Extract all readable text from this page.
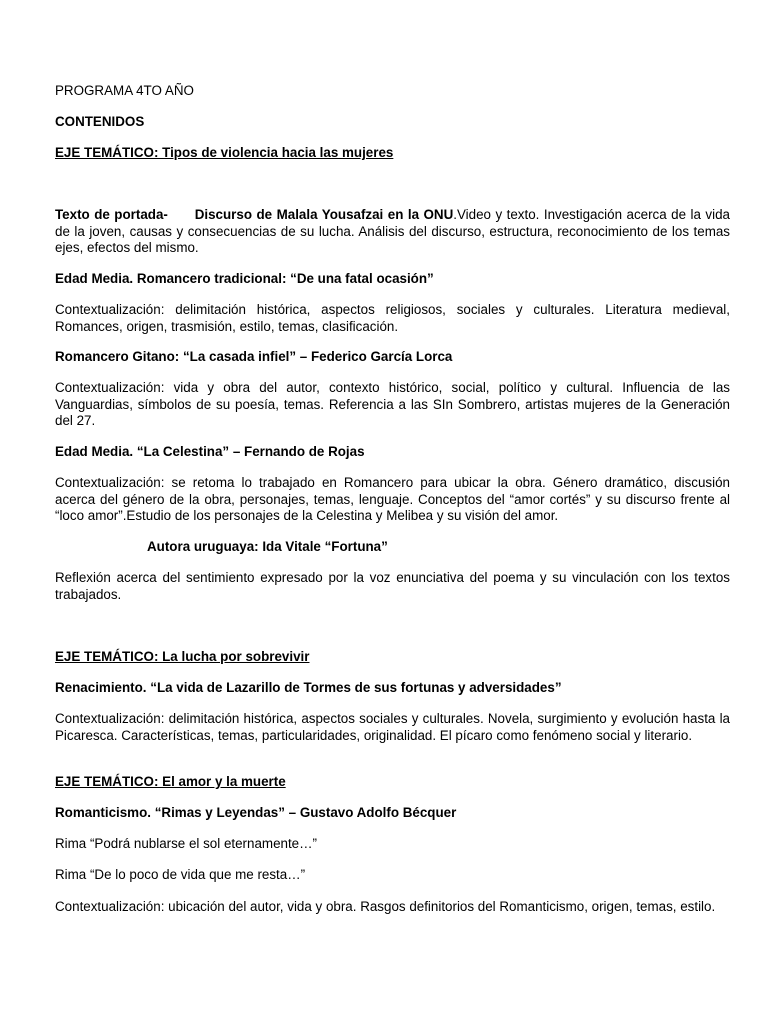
PROGRAMA 4TO AÑO

CONTENIDOS

EJE TEMÁTICO: Tipos de violencia hacia las mujeres

Texto de portada- Discurso de Malala Yousafzai en la ONU.Video y texto. Investigación acerca de la vida de la joven, causas y consecuencias de su lucha. Análisis del discurso, estructura, reconocimiento de los temas ejes, efectos del mismo.

Edad Media. Romancero tradicional: “De una fatal ocasión”

Contextualización: delimitación histórica, aspectos religiosos, sociales y culturales. Literatura medieval, Romances, origen, trasmisión, estilo, temas, clasificación.

Romancero Gitano: “La casada infiel” – Federico García Lorca

Contextualización: vida y obra del autor, contexto histórico, social, político y cultural. Influencia de las Vanguardias, símbolos de su poesía, temas. Referencia a las SIn Sombrero, artistas mujeres de la Generación del 27.

Edad Media. “La Celestina” – Fernando de Rojas

Contextualización: se retoma lo trabajado en Romancero para ubicar la obra. Género dramático, discusión acerca del género de la obra, personajes, temas, lenguaje. Conceptos del “amor cortés” y su discurso frente al “loco amor”.Estudio de los personajes de la Celestina y Melibea y su visión del amor.

Autora uruguaya: Ida Vitale “Fortuna”

Reflexión acerca del sentimiento expresado por la voz enunciativa del poema y su vinculación con los textos trabajados.

EJE TEMÁTICO: La lucha por sobrevivir

Renacimiento. “La vida de Lazarillo de Tormes de sus fortunas y adversidades”

Contextualización: delimitación histórica, aspectos sociales y culturales. Novela, surgimiento y evolución hasta la Picaresca. Características, temas, particularidades, originalidad. El pícaro como fenómeno social y literario.

EJE TEMÁTICO: El amor y la muerte

Romanticismo. “Rimas y Leyendas” – Gustavo Adolfo Bécquer

Rima “Podrá nublarse el sol eternamente…”

Rima “De lo poco de vida que me resta…”

Contextualización: ubicación del autor, vida y obra. Rasgos definitorios del Romanticismo, origen, temas, estilo.
